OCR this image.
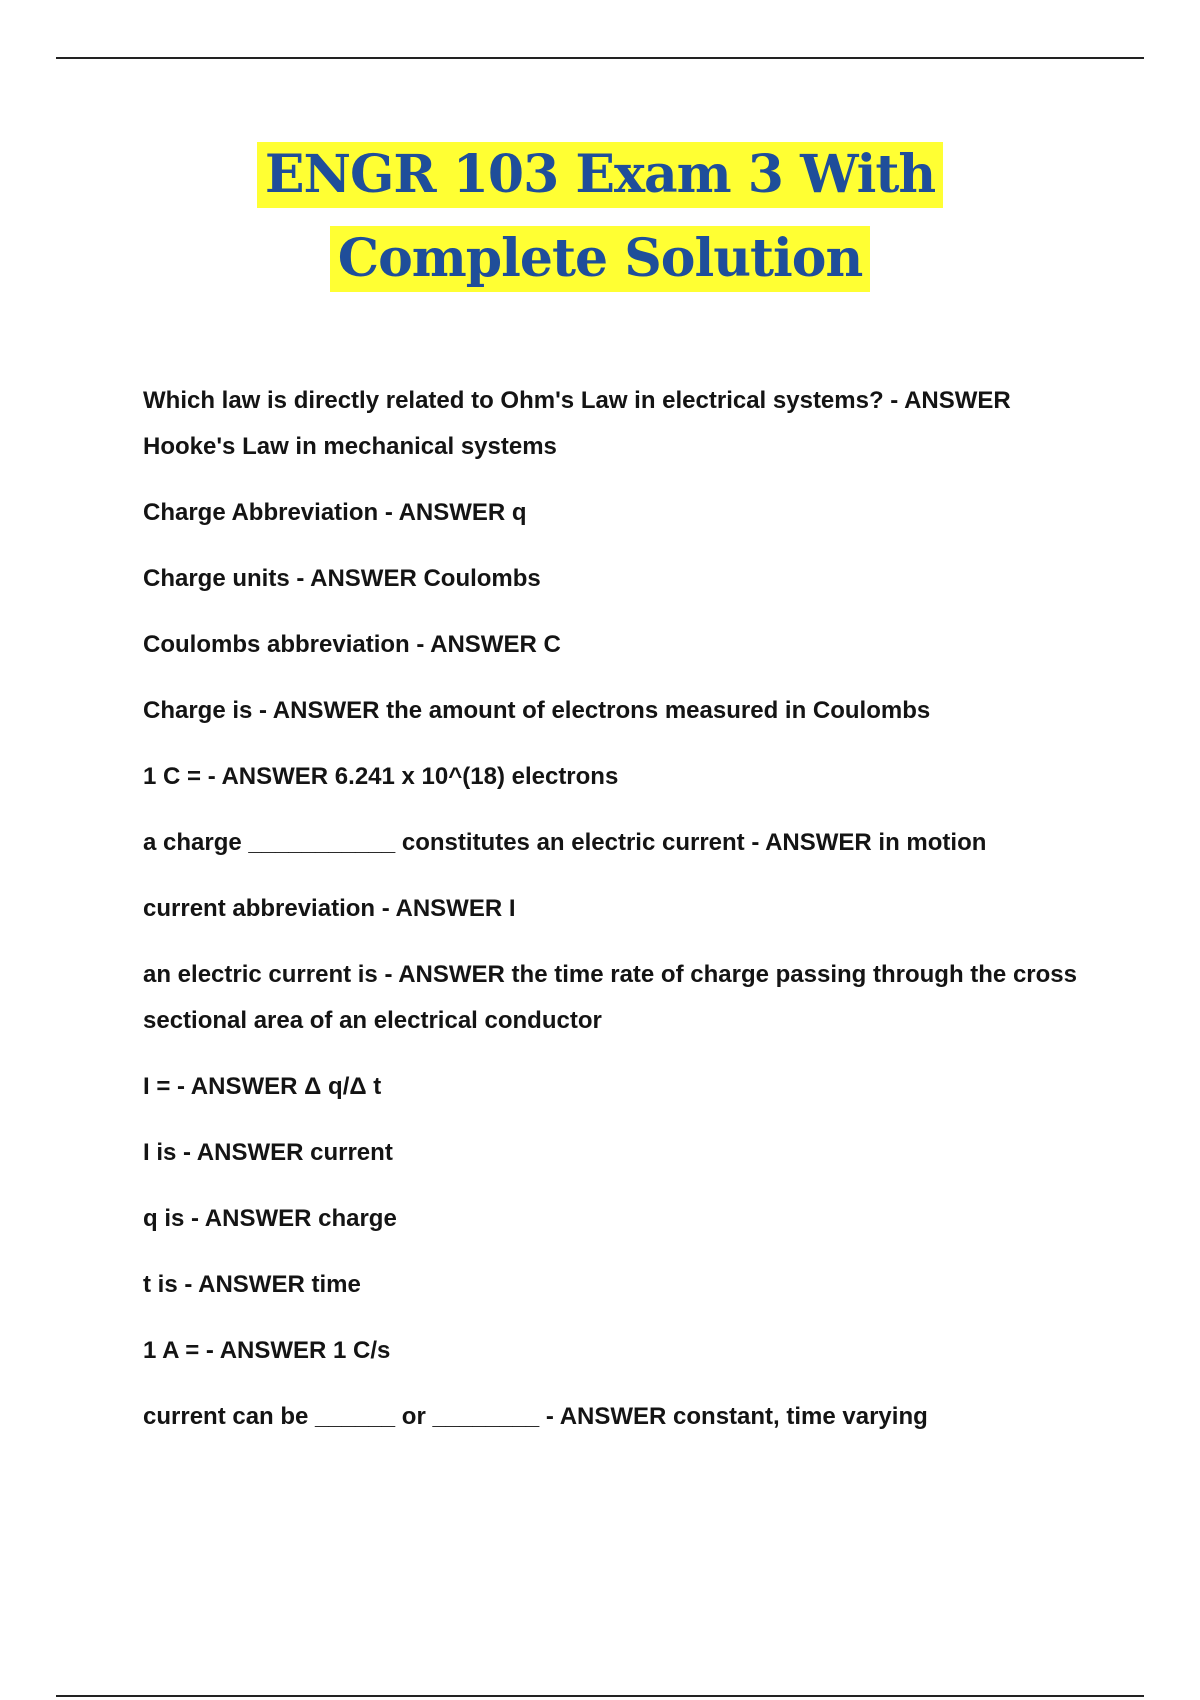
ENGR 103 Exam 3 With

Complete Solution

Which law is directly related to Ohm's Law in electrical systems? - ANSWER Hooke's Law in mechanical systems
Charge Abbreviation - ANSWER q
Charge units - ANSWER Coulombs
Coulombs abbreviation - ANSWER C
Charge is - ANSWER the amount of electrons measured in Coulombs
1 C = - ANSWER 6.241 x 10^(18) electrons
a charge ___________ constitutes an electric current - ANSWER in motion
current abbreviation - ANSWER I
an electric current is - ANSWER the time rate of charge passing through the cross sectional area of an electrical conductor
I = - ANSWER Δ q/Δ t
I is - ANSWER current
q is - ANSWER charge
t is - ANSWER time
1 A = - ANSWER 1 C/s
current can be ______ or ________ - ANSWER constant, time varying
